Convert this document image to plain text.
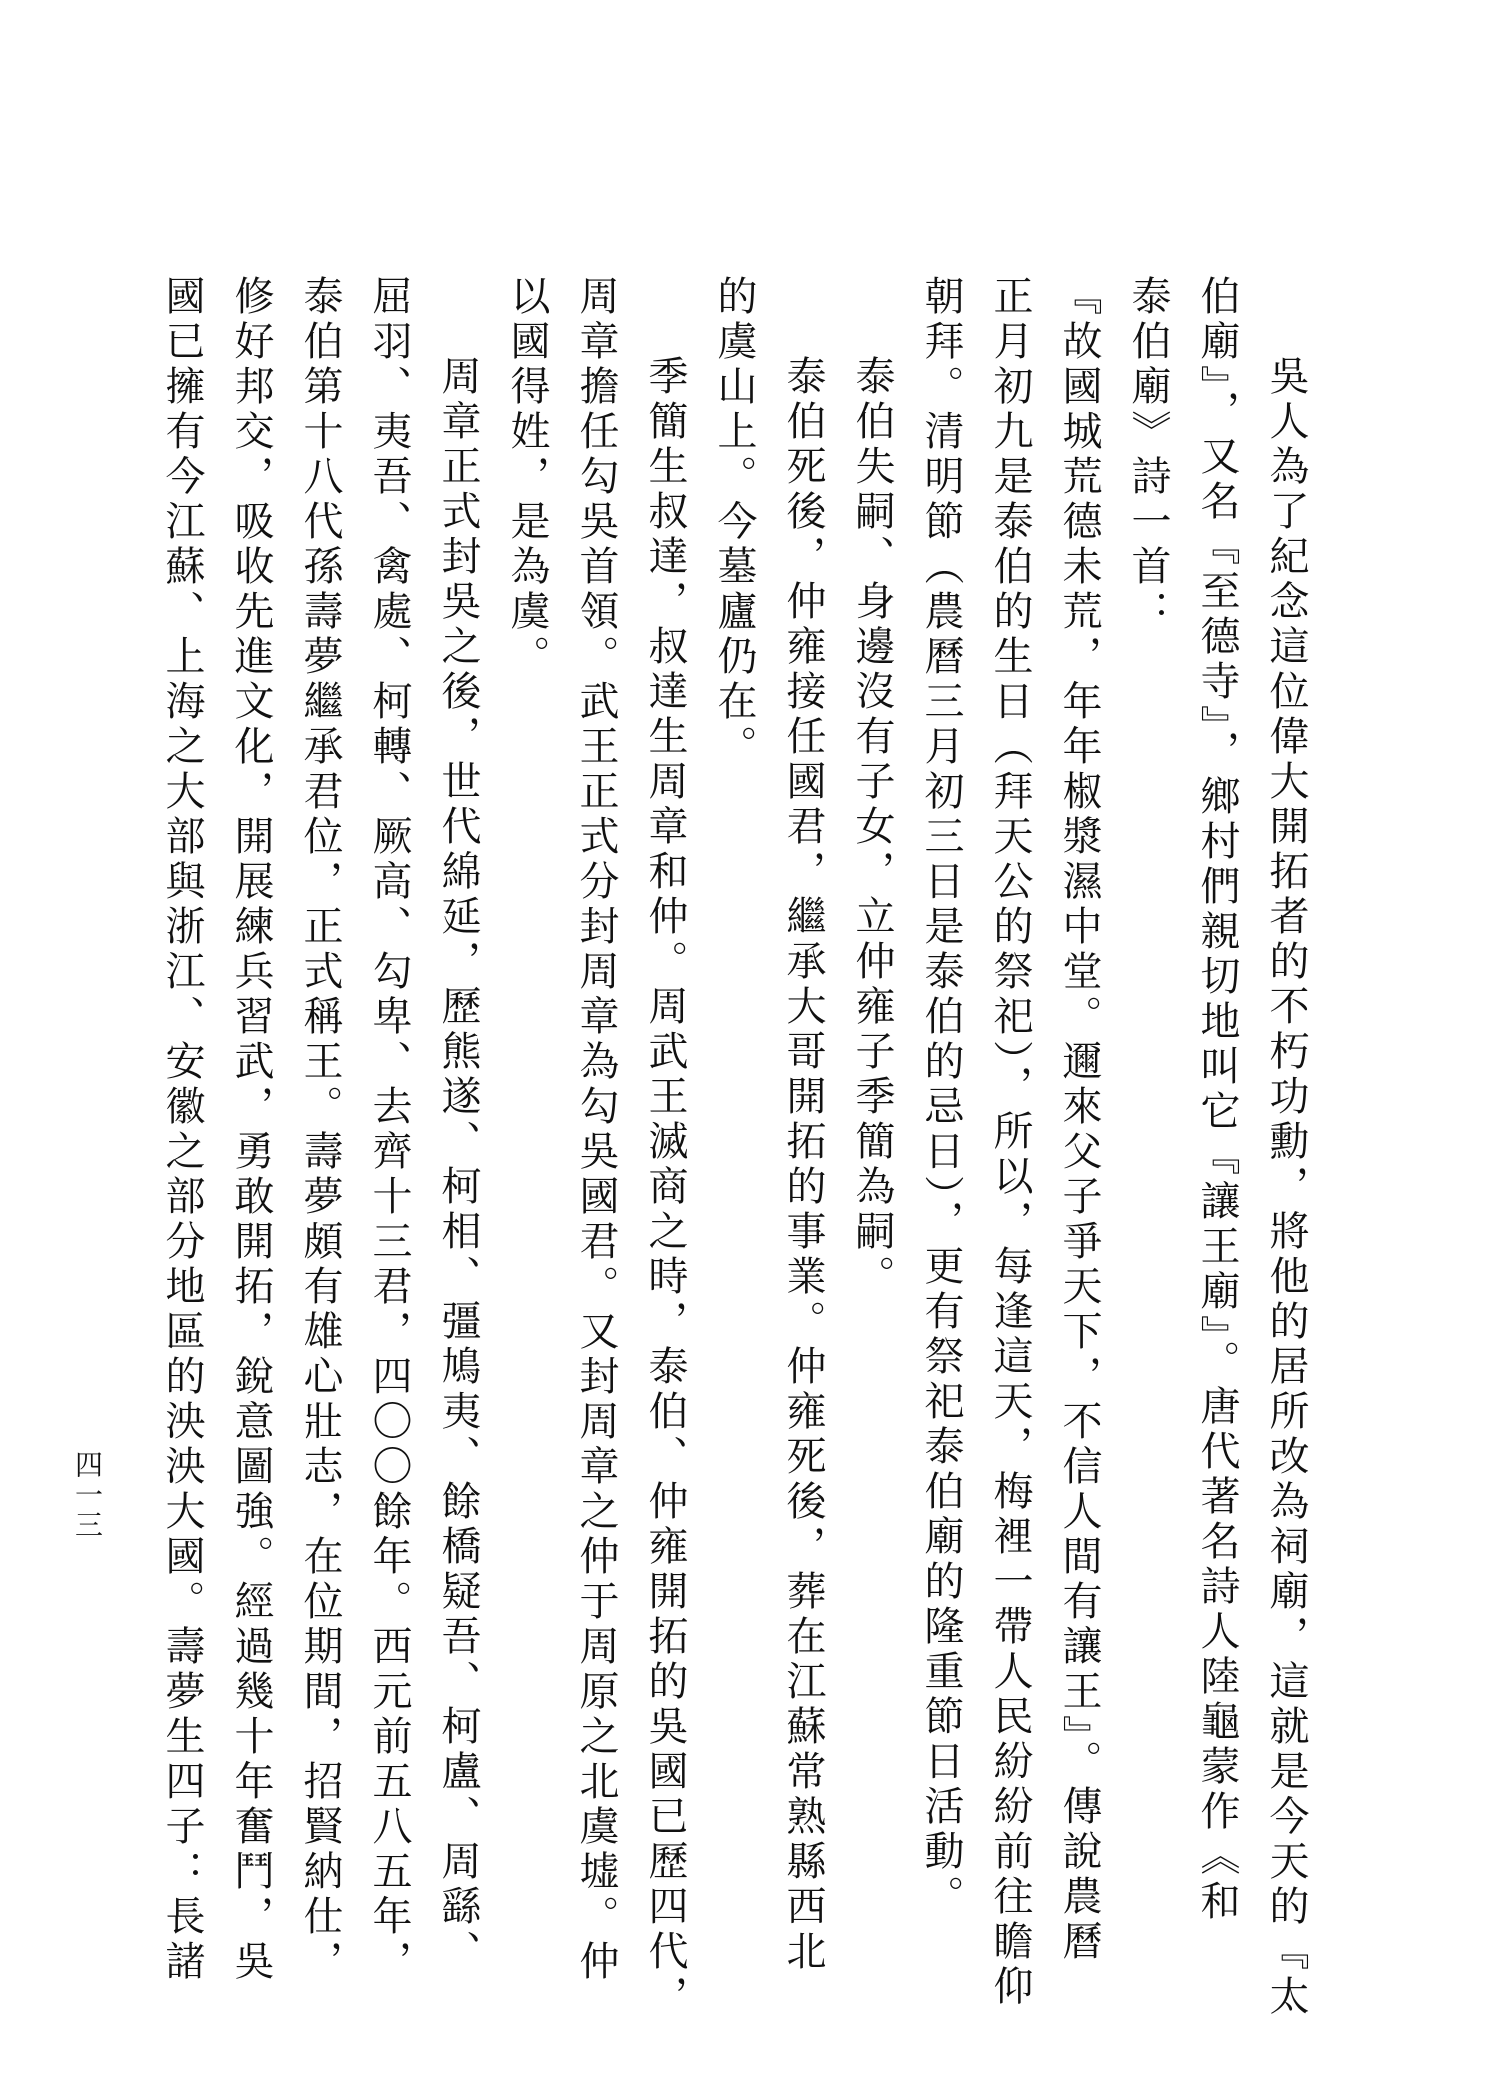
吳人為了紀念這位偉大開拓者的不朽功勳，將他的居所改為祠廟，這就是今天的『太
伯廟』，又名『至德寺』，鄉村們親切地叫它『讓王廟』。唐代著名詩人陸龜蒙作《和
泰伯廟》詩一首：
『故國城荒德未荒，年年椒漿濕中堂。邇來父子爭天下，不信人間有讓王』。傳說農曆
正月初九是泰伯的生日（拜天公的祭祀），所以，每逢這天，梅裡一帶人民紛紛前往瞻仰
朝拜。清明節（農曆三月初三日是泰伯的忌日），更有祭祀泰伯廟的隆重節日活動。
泰伯失嗣、身邊沒有子女，立仲雍子季簡為嗣。
泰伯死後，仲雍接任國君，繼承大哥開拓的事業。仲雍死後，葬在江蘇常熟縣西北
的虞山上。今墓廬仍在。
季簡生叔達，叔達生周章和仲。周武王滅商之時，泰伯、仲雍開拓的吳國已歷四代，
周章擔任勾吳首領。武王正式分封周章為勾吳國君。又封周章之仲于周原之北虞墟。仲
以國得姓，是為虞。
周章正式封吳之後，世代綿延，歷熊遂、柯相、彊鳩夷、餘橋疑吾、柯盧、周繇、
屈羽、夷吾、禽處、柯轉、厥高、勾卑、去齊十三君，四〇〇餘年。西元前五八五年，
泰伯第十八代孫壽夢繼承君位，正式稱王。壽夢頗有雄心壯志，在位期間，招賢納仕，
修好邦交，吸收先進文化，開展練兵習武，勇敢開拓，銳意圖強。經過幾十年奮鬥，吳
國已擁有今江蘇、上海之大部與浙江、安徽之部分地區的泱泱大國。壽夢生四子：長諸
四一三
